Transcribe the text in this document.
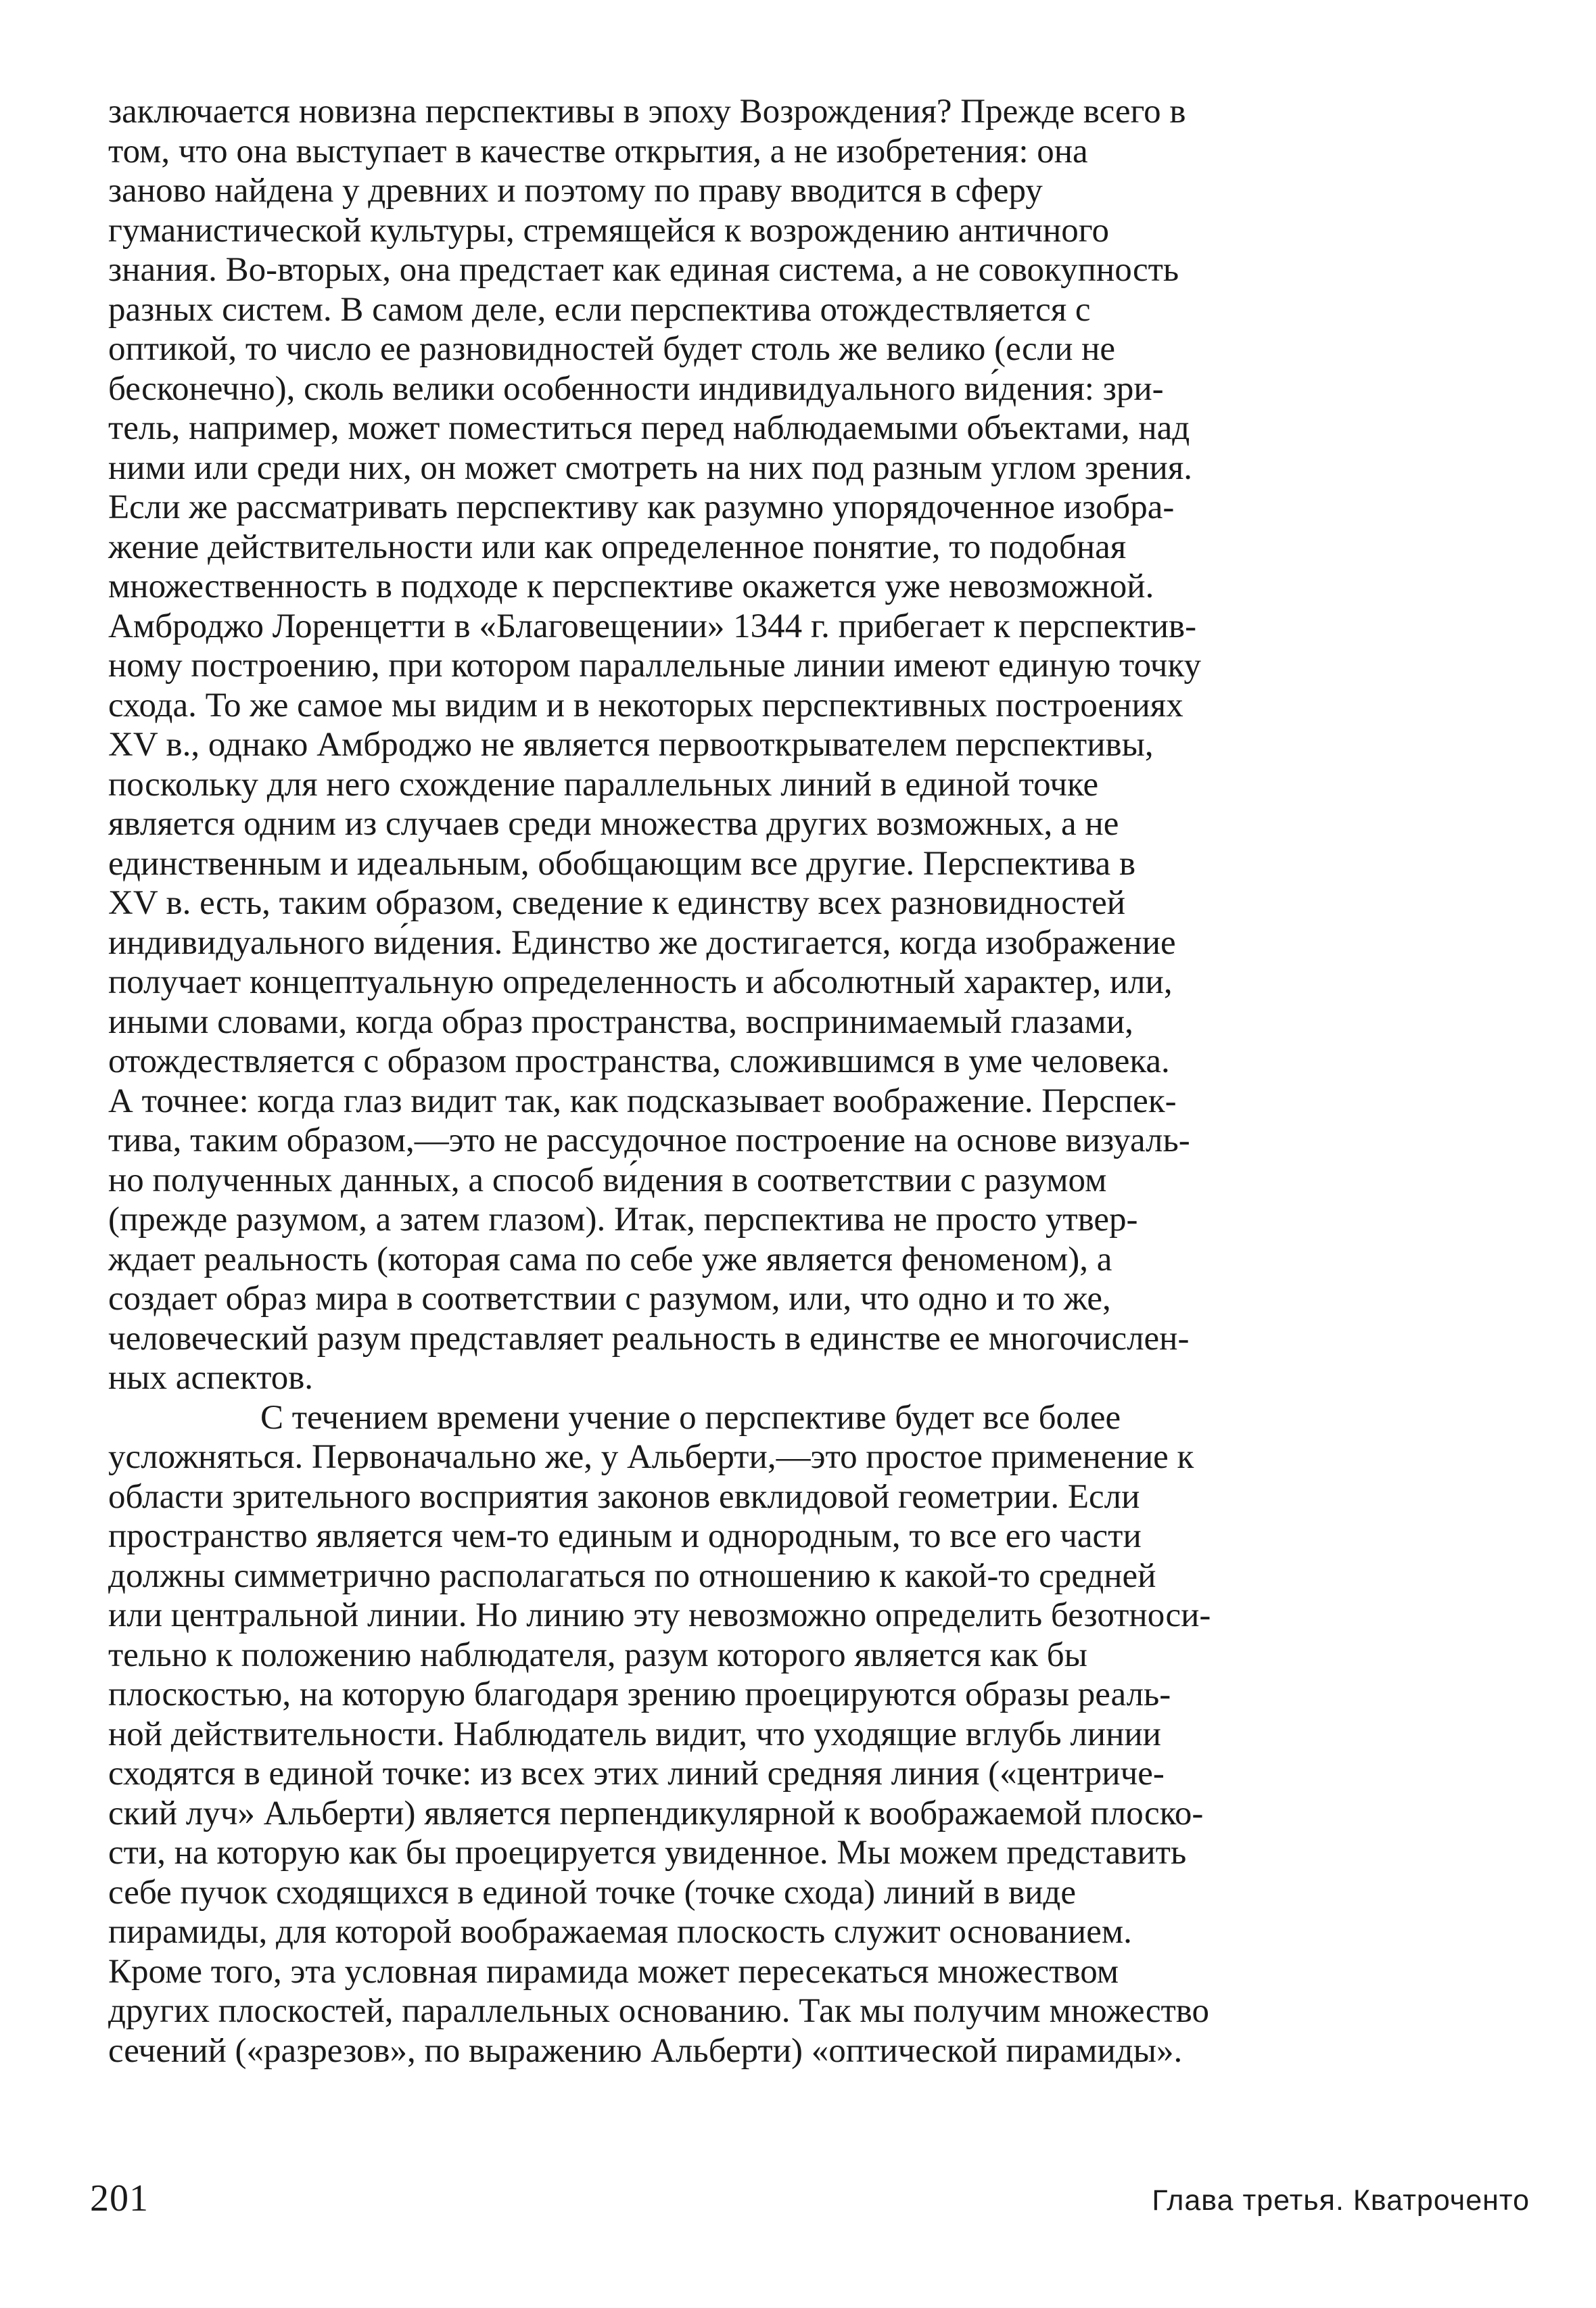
заключается новизна перспективы в эпоху Возрождения? Прежде всего в
том, что она выступает в качестве открытия, а не изобретения: она
заново найдена у древних и поэтому по праву вводится в сферу
гуманистической культуры, стремящейся к возрождению античного
знания. Во-вторых, она предстает как единая система, а не совокупность
разных систем. В самом деле, если перспектива отождествляется с
оптикой, то число ее разновидностей будет столь же велико (если не
бесконечно), сколь велики особенности индивидуального ви́дения: зри-
тель, например, может поместиться перед наблюдаемыми объектами, над
ними или среди них, он может смотреть на них под разным углом зрения.
Если же рассматривать перспективу как разумно упорядоченное изобра-
жение действительности или как определенное понятие, то подобная
множественность в подходе к перспективе окажется уже невозможной.
Амброджо Лоренцетти в «Благовещении» 1344 г. прибегает к перспектив-
ному построению, при котором параллельные линии имеют единую точку
схода. То же самое мы видим и в некоторых перспективных построениях
XV в., однако Амброджо не является первооткрывателем перспективы,
поскольку для него схождение параллельных линий в единой точке
является одним из случаев среди множества других возможных, а не
единственным и идеальным, обобщающим все другие. Перспектива в
XV в. есть, таким образом, сведение к единству всех разновидностей
индивидуального ви́дения. Единство же достигается, когда изображение
получает концептуальную определенность и абсолютный характер, или,
иными словами, когда образ пространства, воспринимаемый глазами,
отождествляется с образом пространства, сложившимся в уме человека.
А точнее: когда глаз видит так, как подсказывает воображение. Перспек-
тива, таким образом,—это не рассудочное построение на основе визуаль-
но полученных данных, а способ ви́дения в соответствии с разумом
(прежде разумом, а затем глазом). Итак, перспектива не просто утвер-
ждает реальность (которая сама по себе уже является феноменом), а
создает образ мира в соответствии с разумом, или, что одно и то же,
человеческий разум представляет реальность в единстве ее многочислен-
ных аспектов.
С течением времени учение о перспективе будет все более
усложняться. Первоначально же, у Альберти,—это простое применение к
области зрительного восприятия законов евклидовой геометрии. Если
пространство является чем-то единым и однородным, то все его части
должны симметрично располагаться по отношению к какой-то средней
или центральной линии. Но линию эту невозможно определить безотноси-
тельно к положению наблюдателя, разум которого является как бы
плоскостью, на которую благодаря зрению проецируются образы реаль-
ной действительности. Наблюдатель видит, что уходящие вглубь линии
сходятся в единой точке: из всех этих линий средняя линия («центриче-
ский луч» Альберти) является перпендикулярной к воображаемой плоско-
сти, на которую как бы проецируется увиденное. Мы можем представить
себе пучок сходящихся в единой точке (точке схода) линий в виде
пирамиды, для которой воображаемая плоскость служит основанием.
Кроме того, эта условная пирамида может пересекаться множеством
других плоскостей, параллельных основанию. Так мы получим множество
сечений («разрезов», по выражению Альберти) «оптической пирамиды».
201	Глава третья. Кватроченто
